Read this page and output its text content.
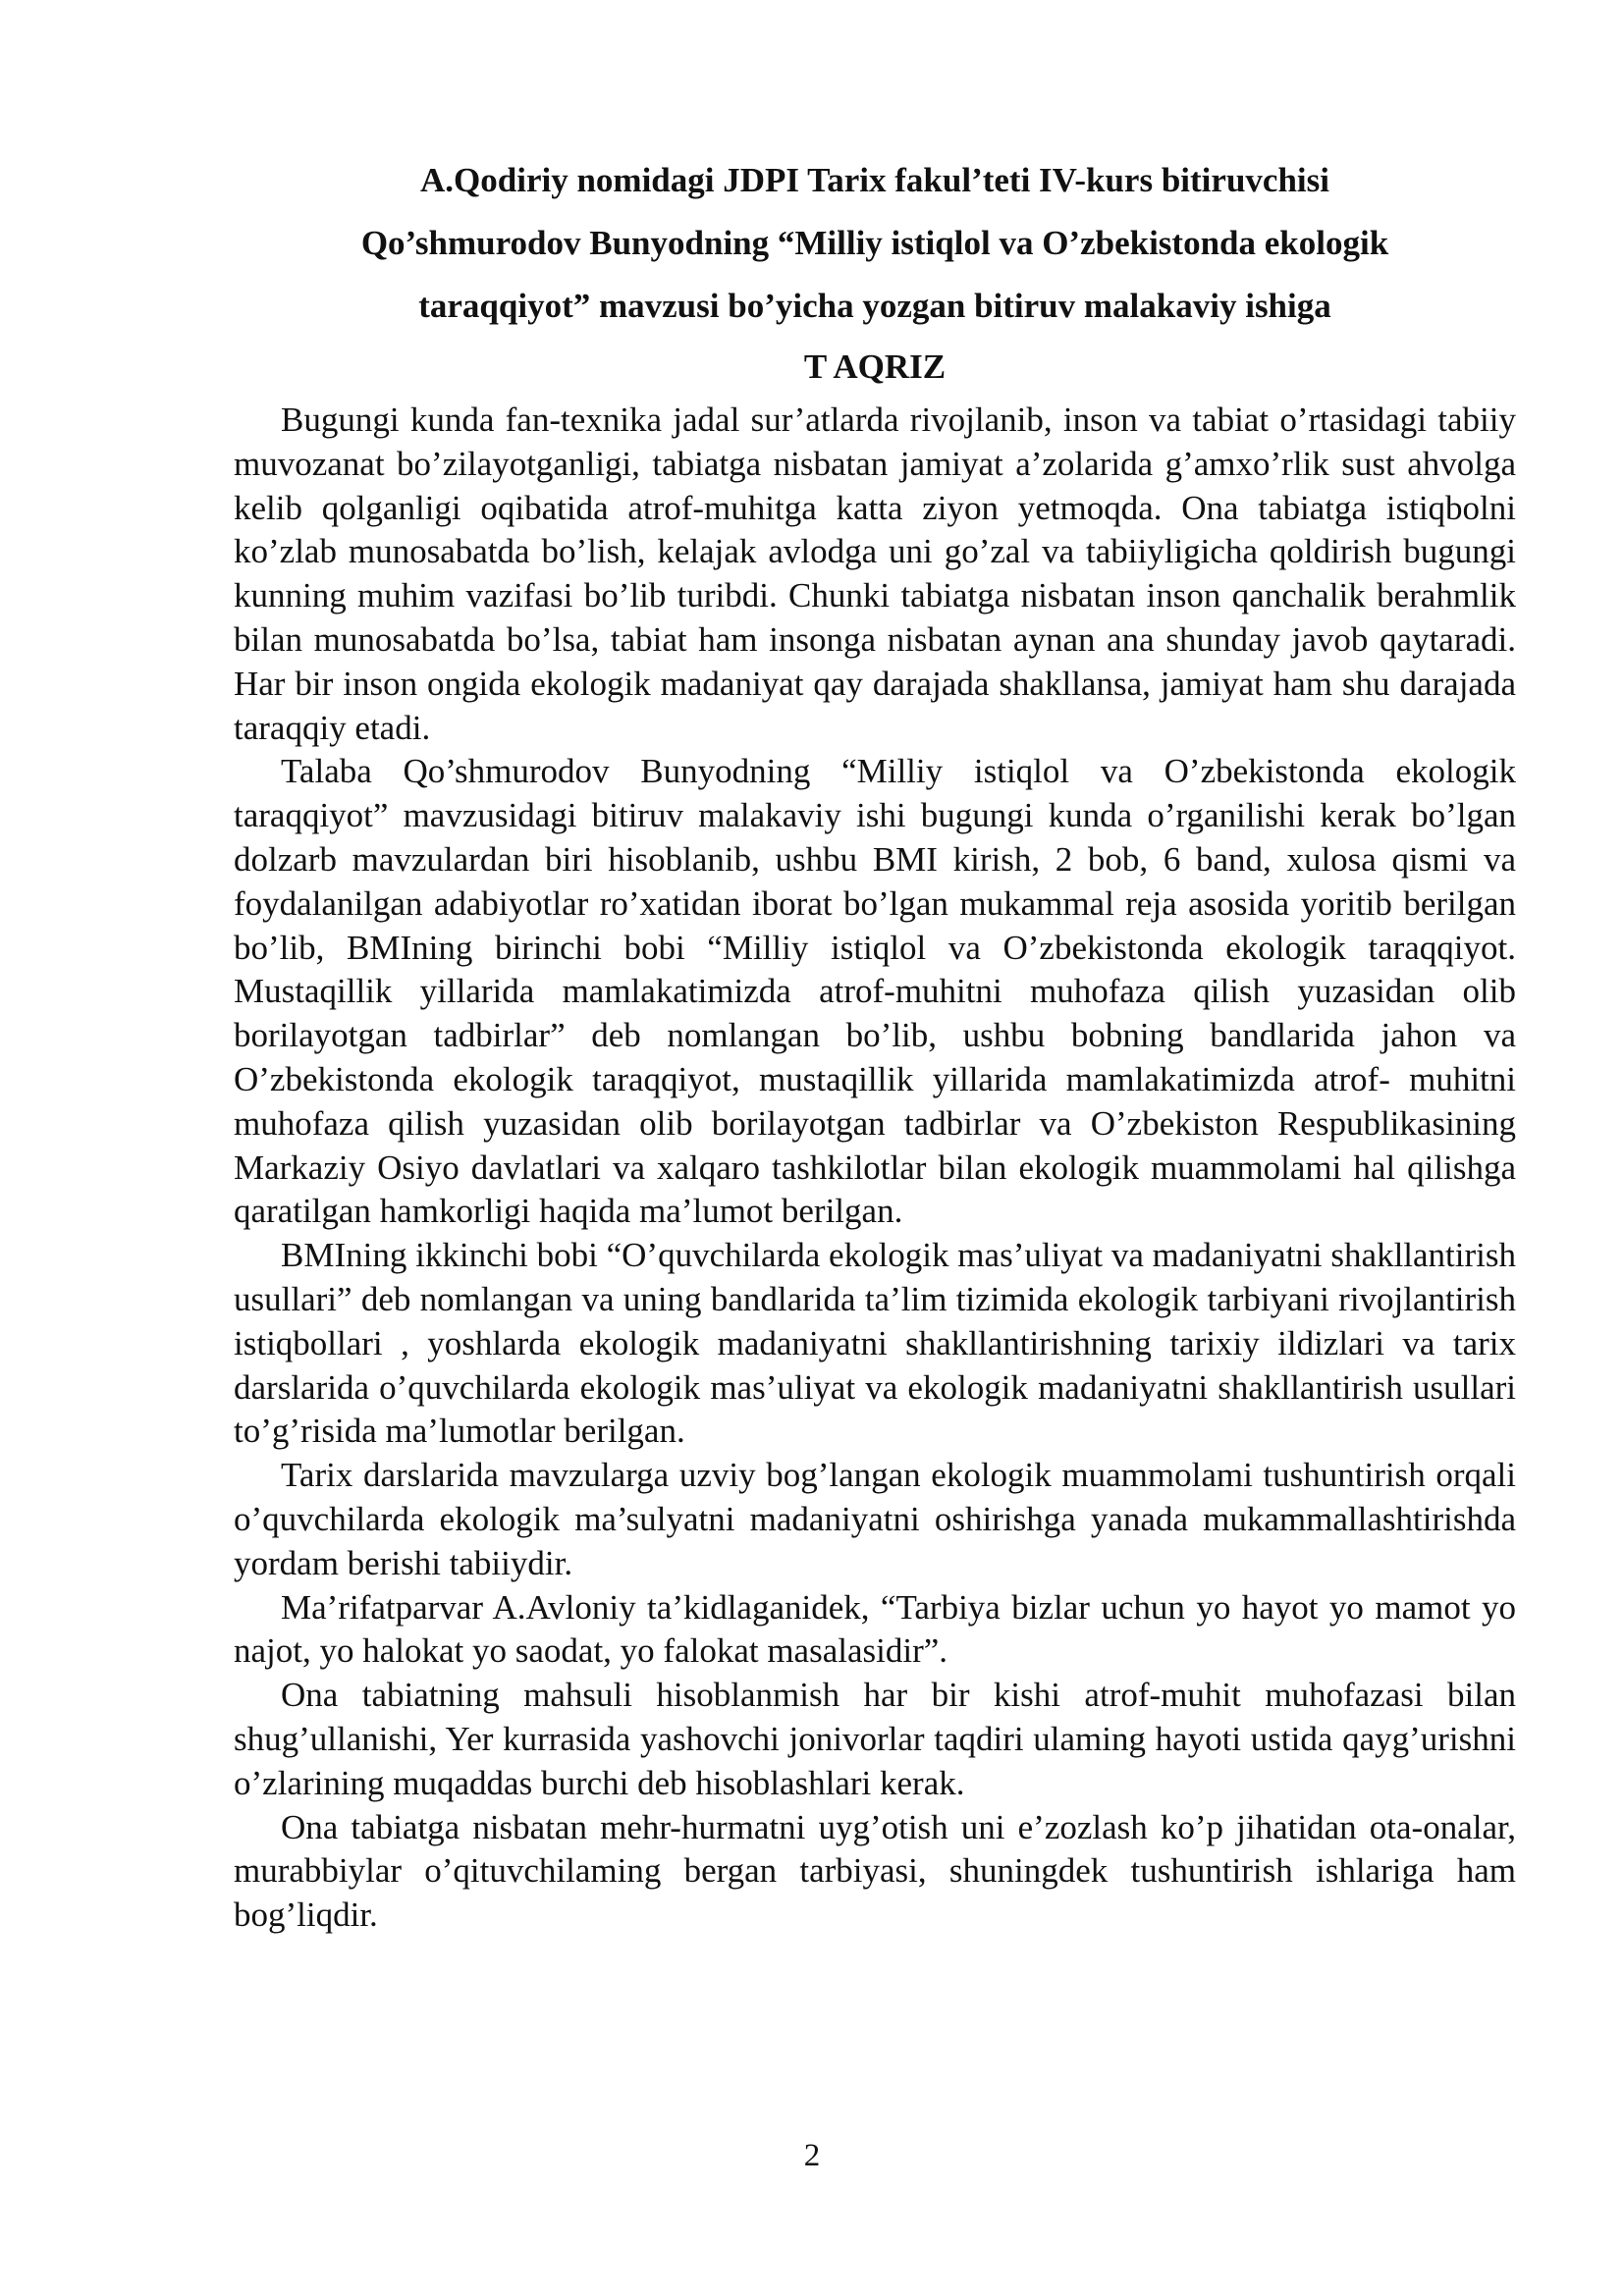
A.Qodiriy nomidagi JDPI Tarix fakul’teti IV-kurs bitiruvchisi

Qo’shmurodov Bunyodning “Milliy istiqlol va O’zbekistonda ekologik

taraqqiyot” mavzusi bo’yicha yozgan bitiruv malakaviy ishiga

T AQRIZ

Bugungi kunda fan-texnika jadal sur’atlarda rivojlanib, inson va tabiat o’rtasidagi tabiiy muvozanat bo’zilayotganligi, tabiatga nisbatan jamiyat a’zolarida g’amxo’rlik sust ahvolga kelib qolganligi oqibatida atrof-muhitga katta ziyon yetmoqda. Ona tabiatga istiqbolni ko’zlab munosabatda bo’lish, kelajak avlodga uni go’zal va tabiiyligicha qoldirish bugungi kunning muhim vazifasi bo’lib turibdi. Chunki tabiatga nisbatan inson qanchalik berahmlik bilan munosabatda bo’lsa, tabiat ham insonga nisbatan aynan ana shunday javob qaytaradi. Har bir inson ongida ekologik madaniyat qay darajada shakllansa, jamiyat ham shu darajada taraqqiy etadi.

Talaba Qo’shmurodov Bunyodning “Milliy istiqlol va O’zbekistonda ekologik taraqqiyot” mavzusidagi bitiruv malakaviy ishi bugungi kunda o’rganilishi kerak bo’lgan dolzarb mavzulardan biri hisoblanib, ushbu BMI kirish, 2 bob, 6 band, xulosa qismi va foydalanilgan adabiyotlar ro’xatidan iborat bo’lgan mukammal reja asosida yoritib berilgan bo’lib, BMIning birinchi bobi “Milliy istiqlol va O’zbekistonda ekologik taraqqiyot. Mustaqillik yillarida mamlakatimizda atrof-muhitni muhofaza qilish yuzasidan olib borilayotgan tadbirlar” deb nomlangan bo’lib, ushbu bobning bandlarida jahon va O’zbekistonda ekologik taraqqiyot, mustaqillik yillarida mamlakatimizda atrof- muhitni muhofaza qilish yuzasidan olib borilayotgan tadbirlar va O’zbekiston Respublikasining Markaziy Osiyo davlatlari va xalqaro tashkilotlar bilan ekologik muammolami hal qilishga qaratilgan hamkorligi haqida ma’lumot berilgan.

BMIning ikkinchi bobi “O’quvchilarda ekologik mas’uliyat va madaniyatni shakllantirish usullari” deb nomlangan va uning bandlarida ta’lim tizimida ekologik tarbiyani rivojlantirish istiqbollari , yoshlarda ekologik madaniyatni shakllantirishning tarixiy ildizlari va tarix darslarida o’quvchilarda ekologik mas’uliyat va ekologik madaniyatni shakllantirish usullari to’g’risida ma’lumotlar berilgan.

Tarix darslarida mavzularga uzviy bog’langan ekologik muammolami tushuntirish orqali o’quvchilarda ekologik ma’sulyatni madaniyatni oshirishga yanada mukammallashtirishda yordam berishi tabiiydir.

Ma’rifatparvar A.Avloniy ta’kidlaganidek, “Tarbiya bizlar uchun yo hayot yo mamot yo najot, yo halokat yo saodat, yo falokat masalasidir”.

Ona tabiatning mahsuli hisoblanmish har bir kishi atrof-muhit muhofazasi bilan shug’ullanishi, Yer kurrasida yashovchi jonivorlar taqdiri ulaming hayoti ustida qayg’urishni o’zlarining muqaddas burchi deb hisoblashlari kerak.

Ona tabiatga nisbatan mehr-hurmatni uyg’otish uni e’zozlash ko’p jihatidan ota-onalar, murabbiylar o’qituvchilaming bergan tarbiyasi, shuningdek tushuntirish ishlariga ham bog’liqdir.

2
